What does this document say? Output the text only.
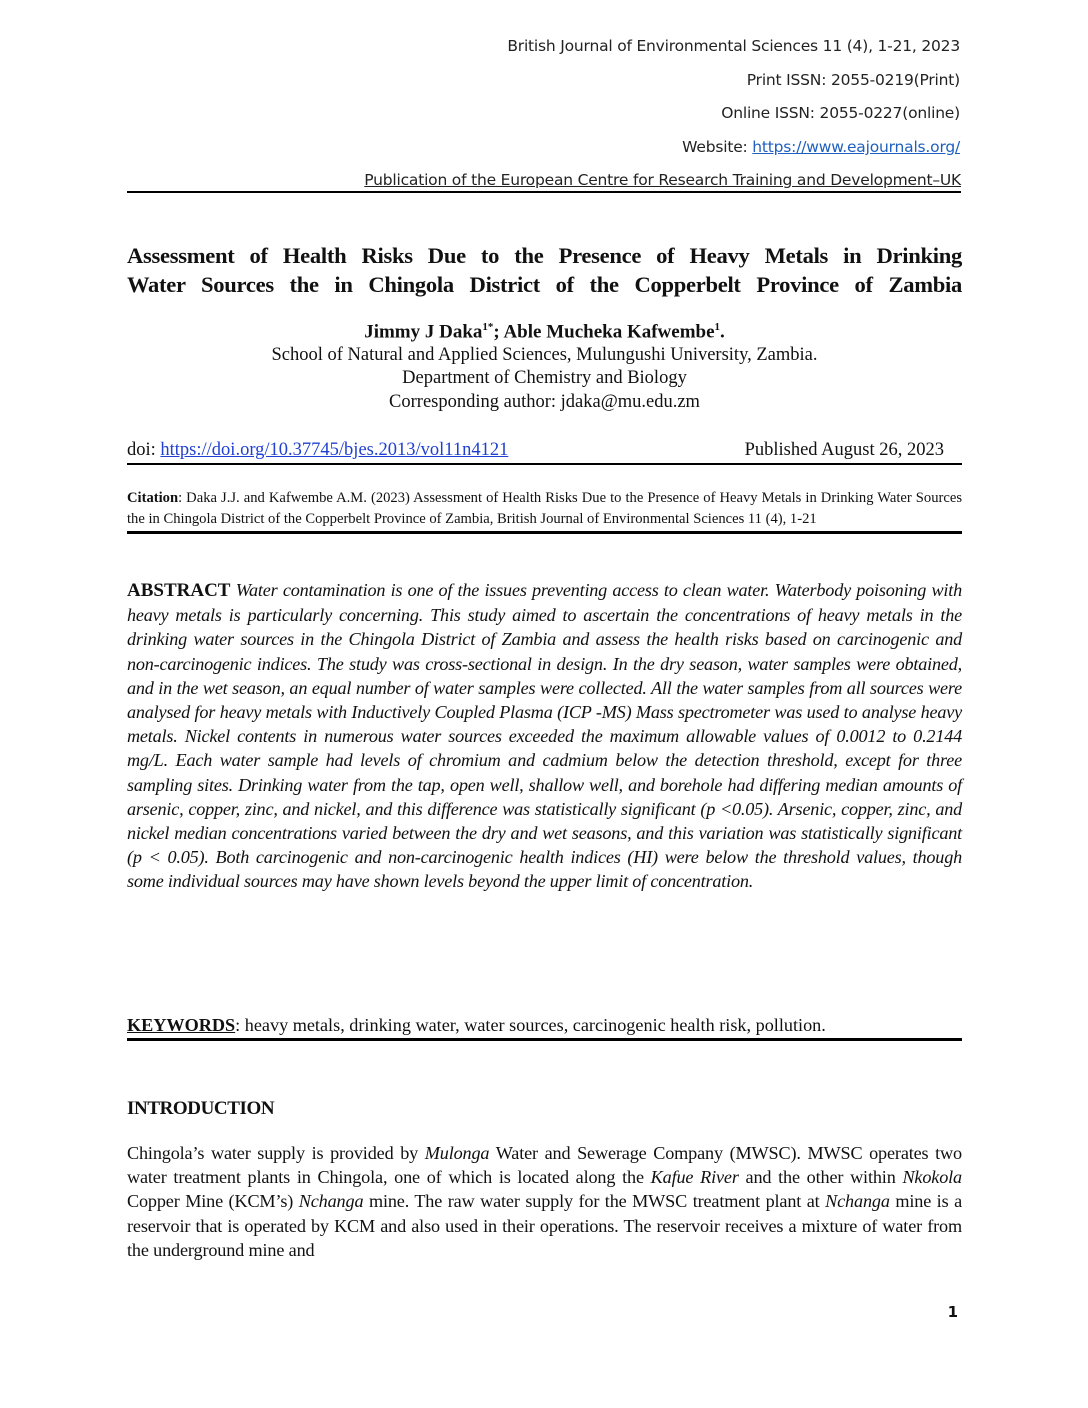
British Journal of Environmental Sciences 11 (4), 1-21, 2023
Print ISSN: 2055-0219(Print)
Online ISSN: 2055-0227(online)
Website: https://www.eajournals.org/
Publication of the European Centre for Research Training and Development–UK
Assessment of Health Risks Due to the Presence of Heavy Metals in Drinking
Water Sources the in Chingola District of the Copperbelt Province of Zambia
Jimmy J Daka$^{1*}$; Able Mucheka Kafwembe$^1$.
School of Natural and Applied Sciences, Mulungushi University, Zambia.
Department of Chemistry and Biology
Corresponding author: jdaka@mu.edu.zm
doi: https://doi.org/10.37745/bjes.2013/vol11n4121	Published August 26, 2023
Citation: Daka J.J. and Kafwembe A.M. (2023) Assessment of Health Risks Due to the Presence of Heavy Metals in Drinking Water Sources the in Chingola District of the Copperbelt Province of Zambia, British Journal of Environmental Sciences 11 (4), 1-21
ABSTRACT Water contamination is one of the issues preventing access to clean water. Waterbody poisoning with heavy metals is particularly concerning. This study aimed to ascertain the concentrations of heavy metals in the drinking water sources in the Chingola District of Zambia and assess the health risks based on carcinogenic and non-carcinogenic indices. The study was cross-sectional in design. In the dry season, water samples were obtained, and in the wet season, an equal number of water samples were collected. All the water samples from all sources were analysed for heavy metals with Inductively Coupled Plasma (ICP -MS) Mass spectrometer was used to analyse heavy metals. Nickel contents in numerous water sources exceeded the maximum allowable values of 0.0012 to 0.2144 mg/L. Each water sample had levels of chromium and cadmium below the detection threshold, except for three sampling sites. Drinking water from the tap, open well, shallow well, and borehole had differing median amounts of arsenic, copper, zinc, and nickel, and this difference was statistically significant (p <0.05). Arsenic, copper, zinc, and nickel median concentrations varied between the dry and wet seasons, and this variation was statistically significant (p < 0.05). Both carcinogenic and non-carcinogenic health indices (HI) were below the threshold values, though some individual sources may have shown levels beyond the upper limit of concentration.
KEYWORDS: heavy metals, drinking water, water sources, carcinogenic health risk, pollution.
INTRODUCTION
Chingola’s water supply is provided by Mulonga Water and Sewerage Company (MWSC). MWSC operates two water treatment plants in Chingola, one of which is located along the Kafue River and the other within Nkokola Copper Mine (KCM’s) Nchanga mine. The raw water supply for the MWSC treatment plant at Nchanga mine is a reservoir that is operated by KCM and also used in their operations. The reservoir receives a mixture of water from the underground mine and
1
